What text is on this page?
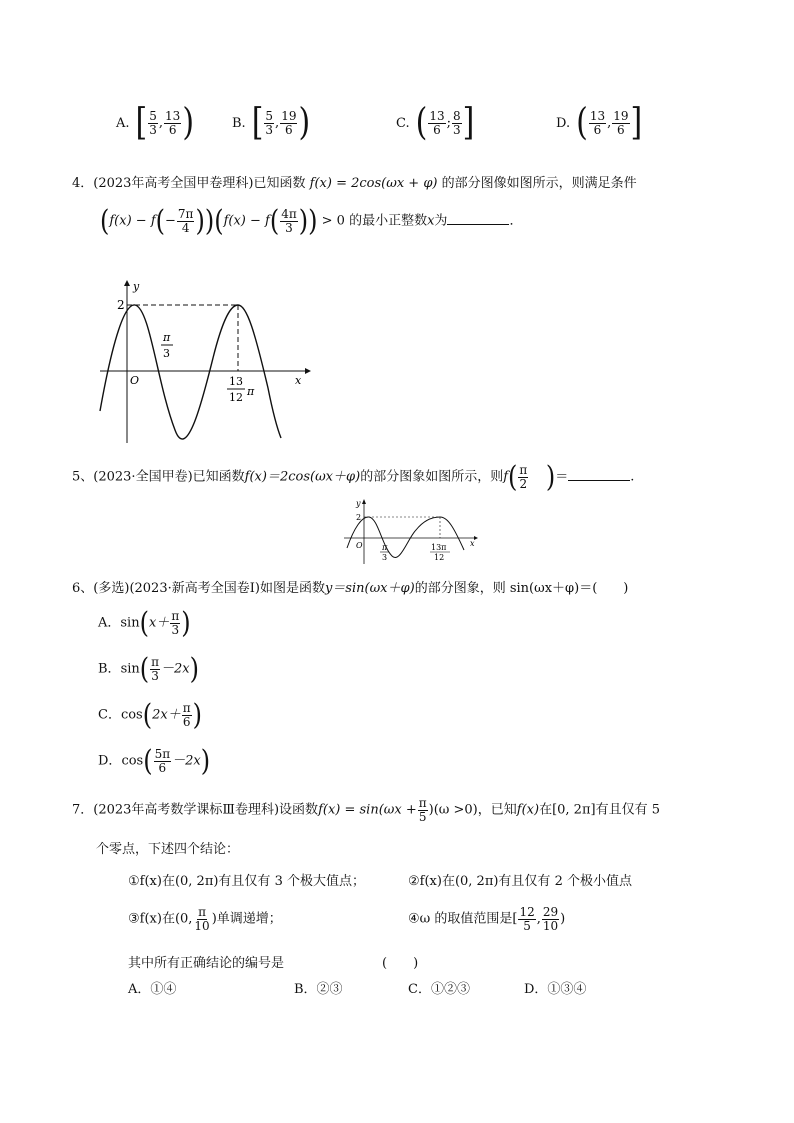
A. [ $\frac{5}{3}$ , $\frac{13}{6}$ )	B. [ $\frac{5}{3}$ , $\frac{19}{6}$ )	C. ( $\frac{13}{6}$ ; $\frac{8}{3}$ ]	D. ( $\frac{13}{6}$ , $\frac{19}{6}$ ]
4．(2023年高考全国甲卷理科)已知函数 f(x) = 2cos(ωx + φ) 的部分图像如图所示，则满足条件
$(f(x) - f(- \frac{7\pi}{4} ))(f(x) - f( \frac{4\pi}{3}$ )) > 0 的最小正整数x为	．
y
x
O
2
π
3
13
12 π
5、(2023·全国甲卷)已知函数f(x)＝2cos(ωx＋φ)的部分图象如图所示，则$f( \frac{\pi}{2}$ )＝	.
y
x
O
2
π
3
13π
12
6、(多选)(2023·新高考全国卷Ⅰ)如图是函数y＝sin(ωx＋φ)的部分图象，则 sin(ωx＋φ)＝(　　)
A．$\sin(x+ \frac{\pi}{3}$ )
B．$\sin( \frac{\pi}{3} -2x)$
C．$\cos(2x+ \frac{\pi}{6}$ )
D．$\cos( \frac{5\pi}{6} -2x)$
7．(2023年高考数学课标Ⅲ卷理科)设函数$f(x) = \sin(\omega x + \frac{\pi}{5} )(\omega >0)$，已知f(x)在[0, 2π]有且仅有 5
个零点，下述四个结论：
①f(x)在(0, 2π)有且仅有 3 个极大值点；	②f(x)在(0, 2π)有且仅有 2 个极小值点
③f(x)在(0, $\frac{\pi}{10}$ )单调递增；	④ω 的取值范围是[ $\frac{12}{5}$ , $\frac{29}{10}$ )
其中所有正确结论的编号是	(　　)
A．①④	B．②③	C．①②③	D．①③④
